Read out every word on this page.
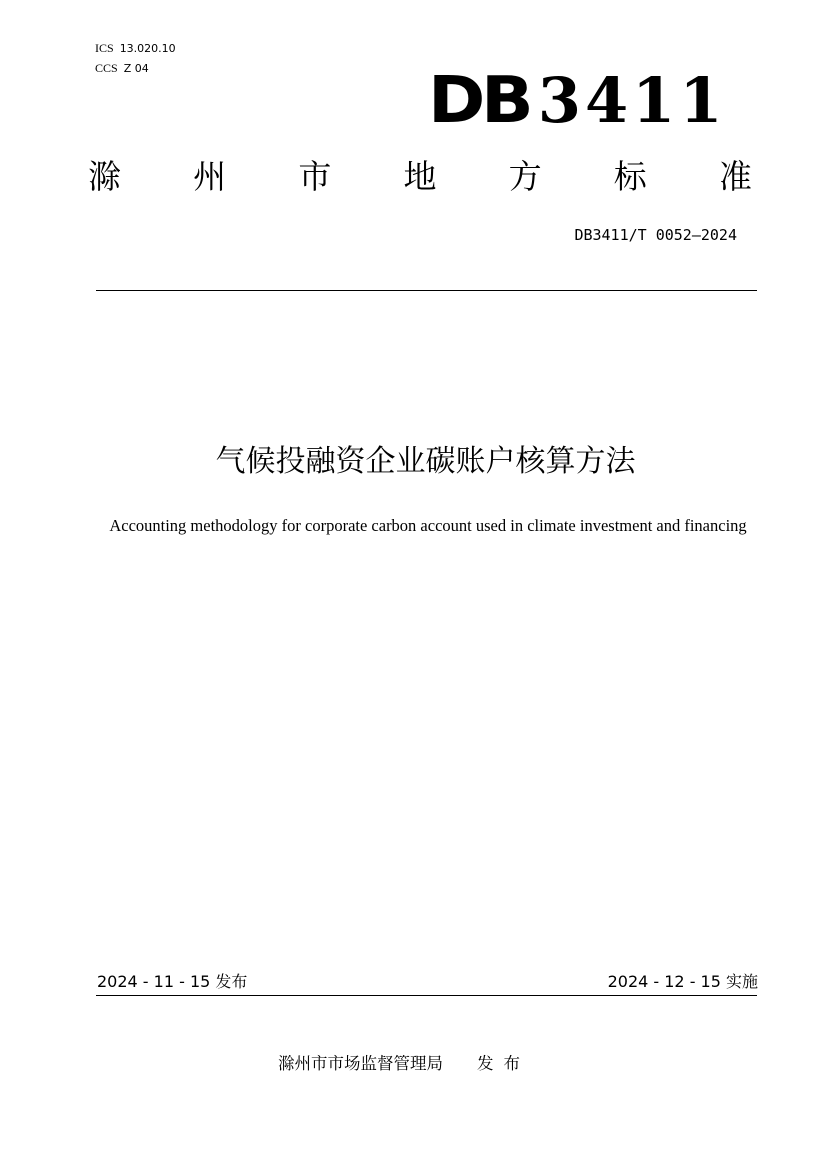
ICS 13.020.10
CCS Z 04	DB 3411
滁 州 市 地 方 标 准
DB3411/T 0052—2024
气候投融资企业碳账户核算方法
Accounting methodology for corporate carbon account used in climate investment and financing
2024 - 11 - 15 发布	2024 - 12 - 15 实施
滁州市市场监督管理局 发布
